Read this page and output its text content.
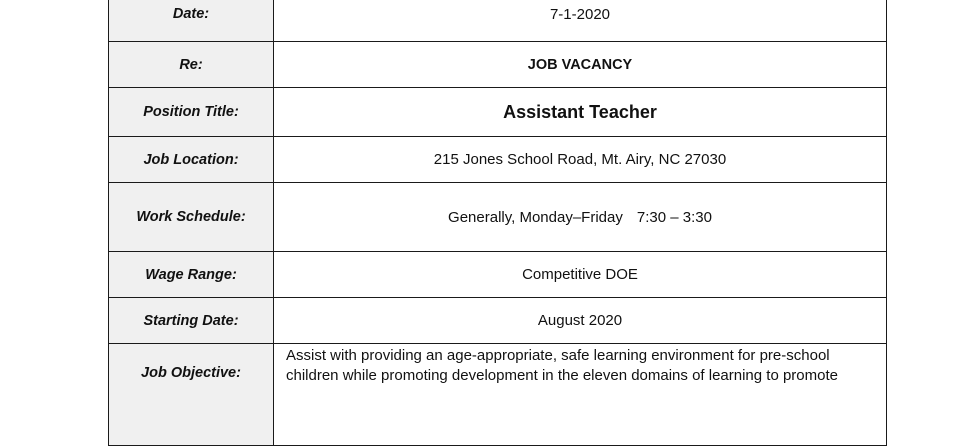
Date:	7-1-2020
Re:	JOB VACANCY
Position Title:	Assistant Teacher
Job Location:	215 Jones School Road, Mt. Airy, NC 27030
Work Schedule:	Generally, Monday–Friday 7:30 – 3:30
Wage Range:	Competitive DOE
Starting Date:	August 2020
Job Objective:	Assist with providing an age-appropriate, safe learning environment for pre-school
children while promoting development in the eleven domains of learning to promote
